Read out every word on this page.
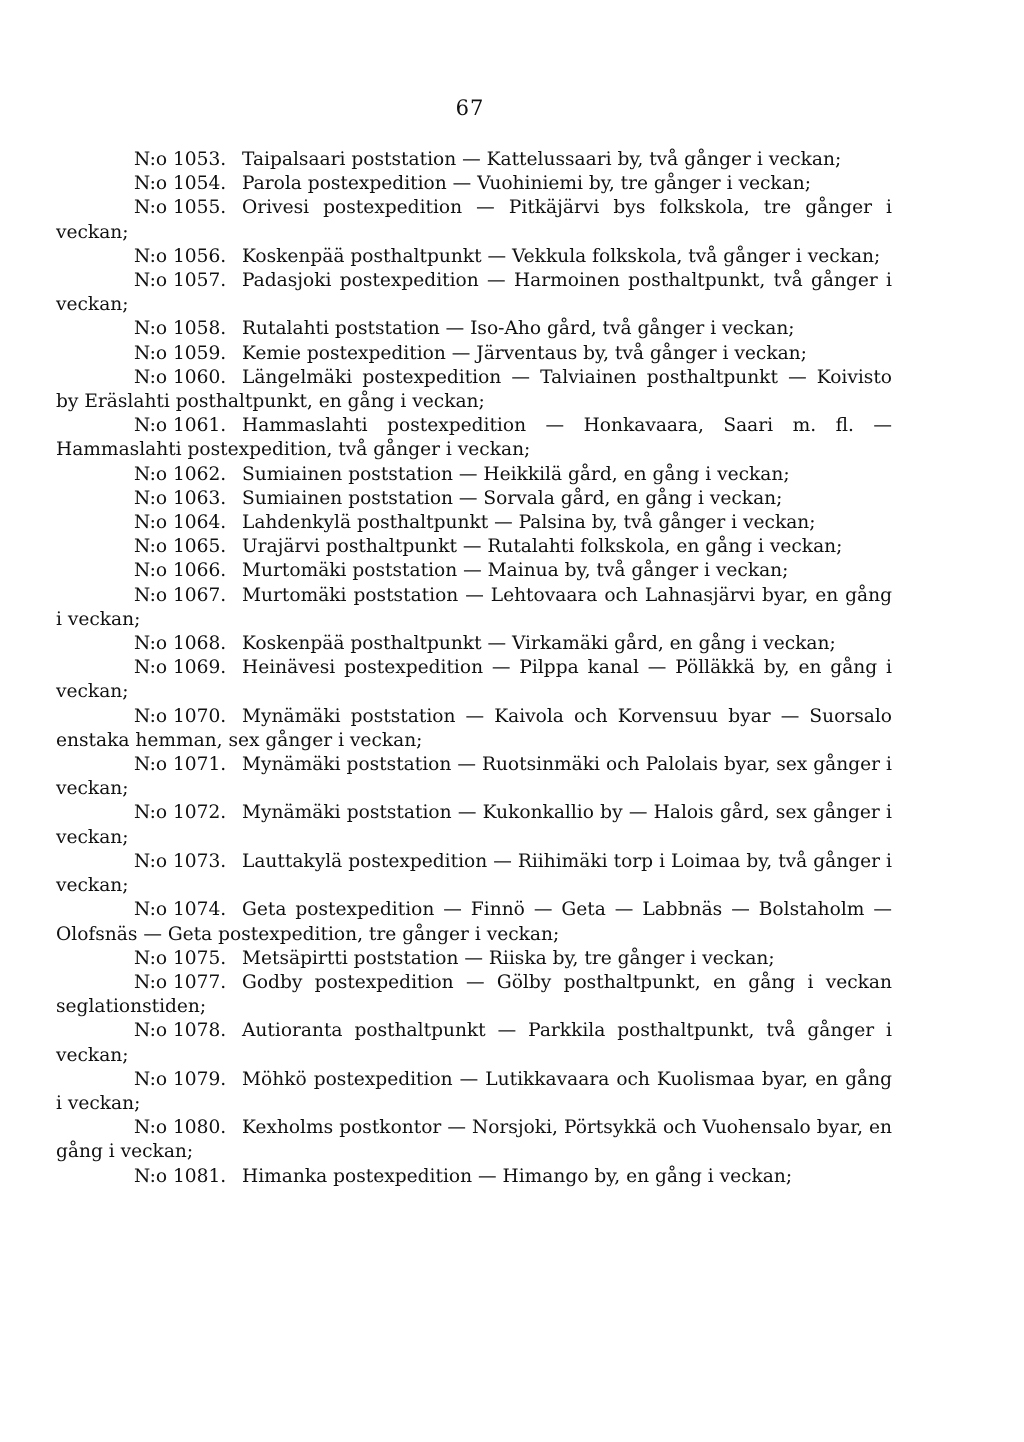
67

N:o 1053. Taipalsaari poststation — Kattelussaari by, två gånger i veckan;

N:o 1054. Parola postexpedition — Vuohiniemi by, tre gånger i veckan;

N:o 1055. Orivesi postexpedition — Pitkäjärvi bys folkskola, tre gånger i veckan;

N:o 1056. Koskenpää posthaltpunkt — Vekkula folkskola, två gånger i veckan;

N:o 1057. Padasjoki postexpedition — Harmoinen posthaltpunkt, två gånger i veckan;

N:o 1058. Rutalahti poststation — Iso-Aho gård, två gånger i veckan;

N:o 1059. Kemie postexpedition — Järventaus by, två gånger i veckan;

N:o 1060. Längelmäki postexpedition — Talviainen posthaltpunkt — Koivisto by Eräslahti posthaltpunkt, en gång i veckan;

N:o 1061. Hammaslahti postexpedition — Honkavaara, Saari m. fl. — Hammaslahti postexpedition, två gånger i veckan;

N:o 1062. Sumiainen poststation — Heikkilä gård, en gång i veckan;

N:o 1063. Sumiainen poststation — Sorvala gård, en gång i veckan;

N:o 1064. Lahdenkylä posthaltpunkt — Palsina by, två gånger i veckan;

N:o 1065. Urajärvi posthaltpunkt — Rutalahti folkskola, en gång i veckan;

N:o 1066. Murtomäki poststation — Mainua by, två gånger i veckan;

N:o 1067. Murtomäki poststation — Lehtovaara och Lahnasjärvi byar, en gång i veckan;

N:o 1068. Koskenpää posthaltpunkt — Virkamäki gård, en gång i veckan;

N:o 1069. Heinävesi postexpedition — Pilppa kanal — Pölläkkä by, en gång i veckan;

N:o 1070. Mynämäki poststation — Kaivola och Korvensuu byar — Suorsalo enstaka hemman, sex gånger i veckan;

N:o 1071. Mynämäki poststation — Ruotsinmäki och Palolais byar, sex gånger i veckan;

N:o 1072. Mynämäki poststation — Kukonkallio by — Halois gård, sex gånger i veckan;

N:o 1073. Lauttakylä postexpedition — Riihimäki torp i Loimaa by, två gånger i veckan;

N:o 1074. Geta postexpedition — Finnö — Geta — Labbnäs — Bolstaholm — Olofsnäs — Geta postexpedition, tre gånger i veckan;

N:o 1075. Metsäpirtti poststation — Riiska by, tre gånger i veckan;

N:o 1077. Godby postexpedition — Gölby posthaltpunkt, en gång i veckan seglationstiden;

N:o 1078. Autioranta posthaltpunkt — Parkkila posthaltpunkt, två gånger i veckan;

N:o 1079. Möhkö postexpedition — Lutikkavaara och Kuolismaa byar, en gång i veckan;

N:o 1080. Kexholms postkontor — Norsjoki, Pörtsykkä och Vuohensalo byar, en gång i veckan;

N:o 1081. Himanka postexpedition — Himango by, en gång i veckan;
